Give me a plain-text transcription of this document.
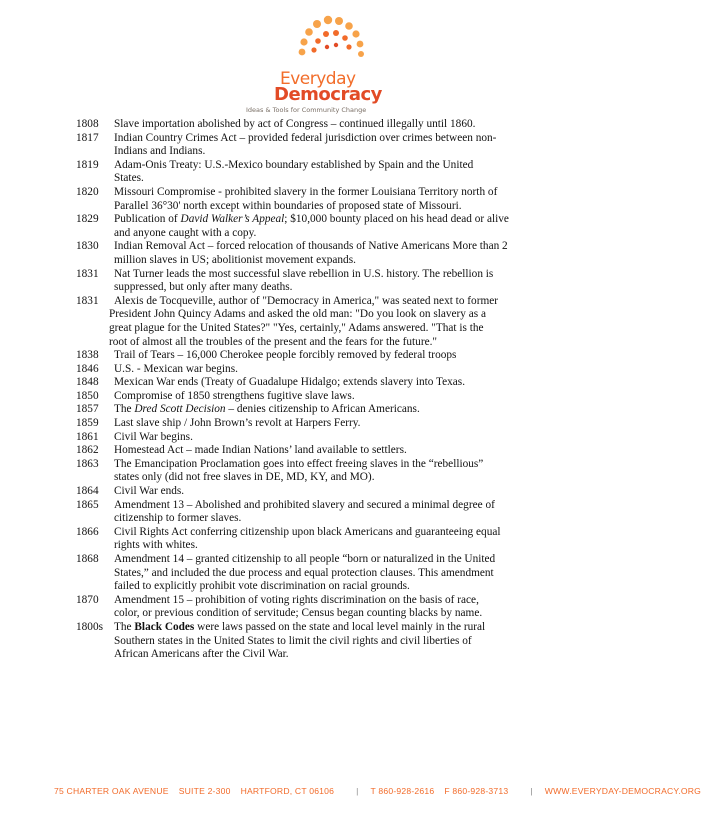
Everyday
Democracy
Ideas & Tools for Community Change
1808	Slave importation abolished by act of Congress – continued illegally until 1860.
1817	Indian Country Crimes Act – provided federal jurisdiction over crimes between non-
Indians and Indians.
1819	Adam-Onis Treaty: U.S.-Mexico boundary established by Spain and the United
States.
1820	Missouri Compromise - prohibited slavery in the former Louisiana Territory north of
Parallel 36°30' north except within boundaries of proposed state of Missouri.
1829	Publication of David Walker’s Appeal; $10,000 bounty placed on his head dead or alive
and anyone caught with a copy.
1830	Indian Removal Act – forced relocation of thousands of Native Americans More than 2
million slaves in US; abolitionist movement expands.
1831	Nat Turner leads the most successful slave rebellion in U.S. history. The rebellion is
suppressed, but only after many deaths.
1831	Alexis de Tocqueville, author of "Democracy in America," was seated next to former
President John Quincy Adams and asked the old man: "Do you look on slavery as a
great plague for the United States?" "Yes, certainly," Adams answered. "That is the
root of almost all the troubles of the present and the fears for the future."
1838	Trail of Tears – 16,000 Cherokee people forcibly removed by federal troops
1846	U.S. - Mexican war begins.
1848	Mexican War ends (Treaty of Guadalupe Hidalgo; extends slavery into Texas.
1850	Compromise of 1850 strengthens fugitive slave laws.
1857	The Dred Scott Decision – denies citizenship to African Americans.
1859	Last slave ship / John Brown’s revolt at Harpers Ferry.
1861	Civil War begins.
1862	Homestead Act – made Indian Nations’ land available to settlers.
1863	The Emancipation Proclamation goes into effect freeing slaves in the “rebellious”
states only (did not free slaves in DE, MD, KY, and MO).
1864	Civil War ends.
1865	Amendment 13 – Abolished and prohibited slavery and secured a minimal degree of
citizenship to former slaves.
1866	Civil Rights Act conferring citizenship upon black Americans and guaranteeing equal
rights with whites.
1868	Amendment 14 – granted citizenship to all people “born or naturalized in the United
States,” and included the due process and equal protection clauses. This amendment
failed to explicitly prohibit vote discrimination on racial grounds.
1870	Amendment 15 – prohibition of voting rights discrimination on the basis of race,
color, or previous condition of servitude; Census began counting blacks by name.
1800s The Black Codes were laws passed on the state and local level mainly in the rural
Southern states in the United States to limit the civil rights and civil liberties of
African Americans after the Civil War.
75 CHARTER OAK AVENUE SUITE 2-300 HARTFORD, CT 06106	| T 860-928-2616 F 860-928-3713	| WWW.EVERYDAY-DEMOCRACY.ORG
